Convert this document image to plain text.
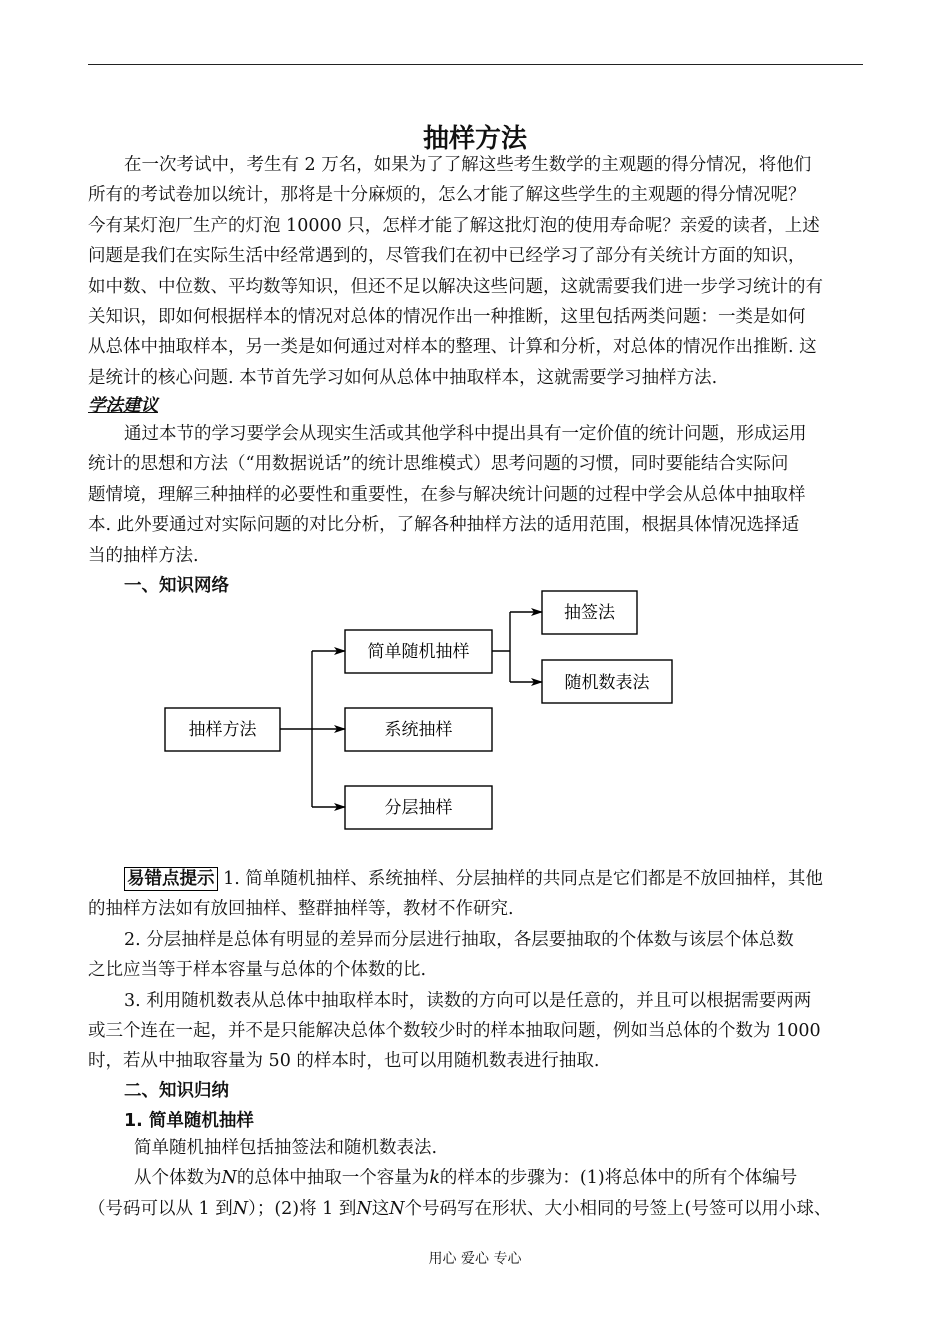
抽样方法
在一次考试中，考生有 2 万名，如果为了了解这些考生数学的主观题的得分情况，将他们
所有的考试卷加以统计，那将是十分麻烦的，怎么才能了解这些学生的主观题的得分情况呢？
今有某灯泡厂生产的灯泡 10000 只，怎样才能了解这批灯泡的使用寿命呢？亲爱的读者，上述
问题是我们在实际生活中经常遇到的，尽管我们在初中已经学习了部分有关统计方面的知识，
如中数、中位数、平均数等知识，但还不足以解决这些问题，这就需要我们进一步学习统计的有
关知识，即如何根据样本的情况对总体的情况作出一种推断，这里包括两类问题：一类是如何
从总体中抽取样本，另一类是如何通过对样本的整理、计算和分析，对总体的情况作出推断. 这
是统计的核心问题. 本节首先学习如何从总体中抽取样本，这就需要学习抽样方法.
学法建议
通过本节的学习要学会从现实生活或其他学科中提出具有一定价值的统计问题，形成运用
统计的思想和方法（“用数据说话”的统计思维模式）思考问题的习惯，同时要能结合实际问
题情境，理解三种抽样的必要性和重要性，在参与解决统计问题的过程中学会从总体中抽取样
本. 此外要通过对实际问题的对比分析，了解各种抽样方法的适用范围，根据具体情况选择适
当的抽样方法.
一、知识网络
抽样方法
简单随机抽样
系统抽样
分层抽样
抽签法
随机数表法
易错点提示 1. 简单随机抽样、系统抽样、分层抽样的共同点是它们都是不放回抽样，其他
的抽样方法如有放回抽样、整群抽样等，教材不作研究.
2. 分层抽样是总体有明显的差异而分层进行抽取，各层要抽取的个体数与该层个体总数
之比应当等于样本容量与总体的个体数的比.
3. 利用随机数表从总体中抽取样本时，读数的方向可以是任意的，并且可以根据需要两两
或三个连在一起，并不是只能解决总体个数较少时的样本抽取问题，例如当总体的个数为 1000
时，若从中抽取容量为 50 的样本时，也可以用随机数表进行抽取.
二、知识归纳
1. 简单随机抽样
简单随机抽样包括抽签法和随机数表法.
从个体数为N的总体中抽取一个容量为k的样本的步骤为：(1)将总体中的所有个体编号
（号码可以从 1 到N）；(2)将 1 到N这N个号码写在形状、大小相同的号签上(号签可以用小球、
用心 爱心 专心
